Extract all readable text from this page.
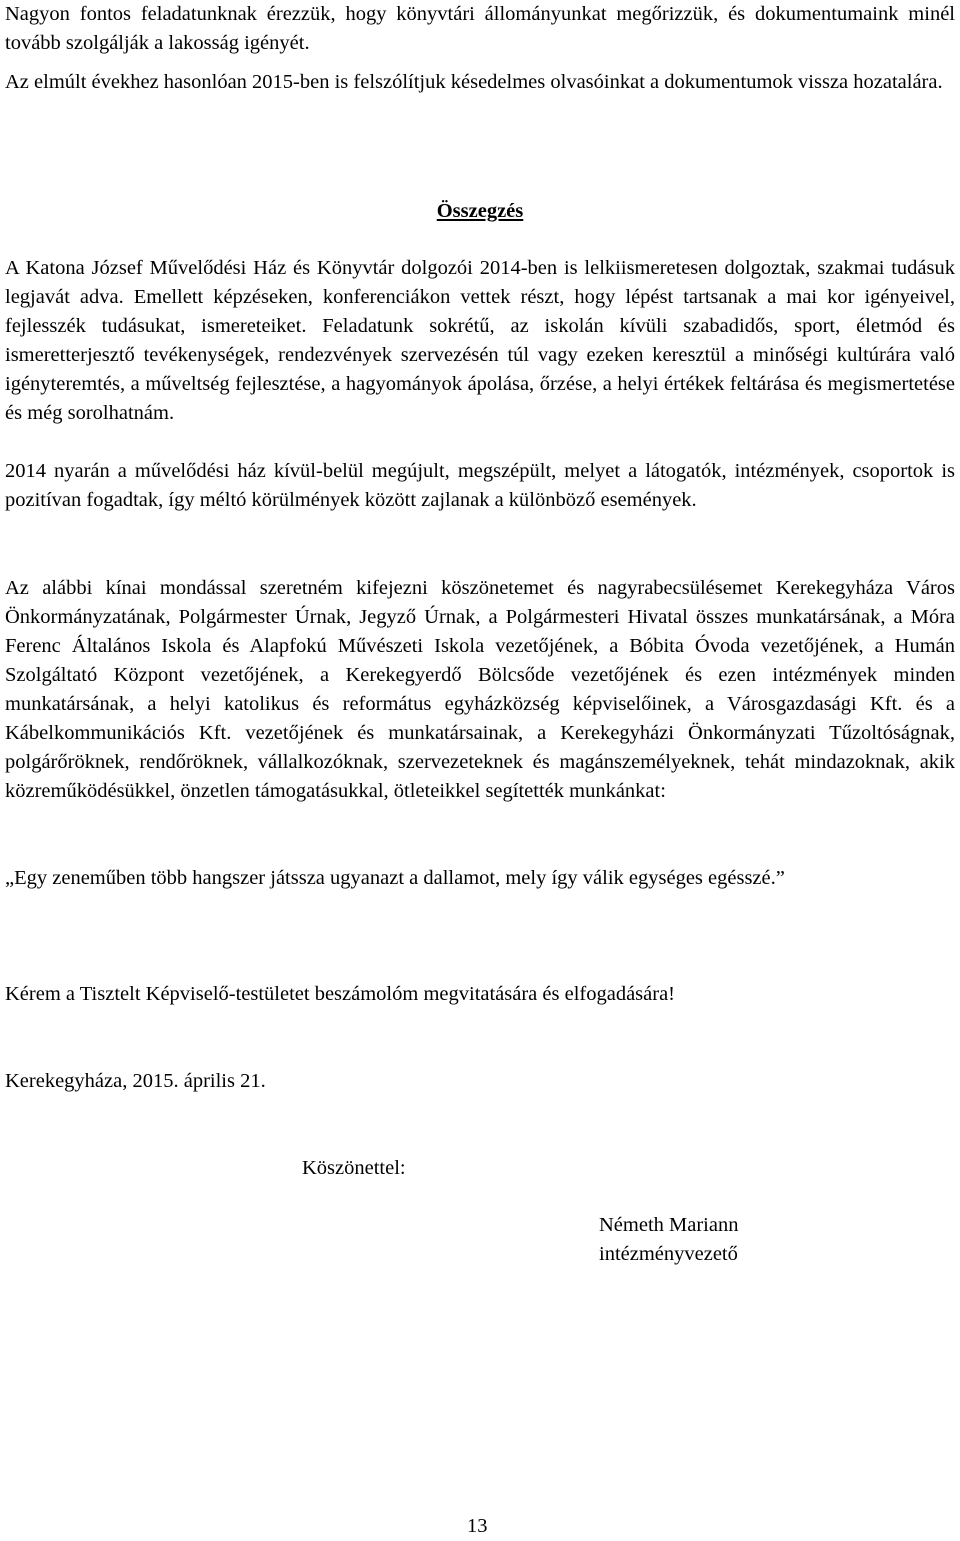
Nagyon fontos feladatunknak érezzük, hogy könyvtári állományunkat megőrizzük, és dokumentumaink minél tovább szolgálják a lakosság igényét.

Az elmúlt évekhez hasonlóan 2015-ben is felszólítjuk késedelmes olvasóinkat a dokumentumok vissza hozatalára.

Összegzés

A Katona József Művelődési Ház és Könyvtár dolgozói 2014-ben is lelkiismeretesen dolgoztak, szakmai tudásuk legjavát adva. Emellett képzéseken, konferenciákon vettek részt, hogy lépést tartsanak a mai kor igényeivel, fejlesszék tudásukat, ismereteiket. Feladatunk sokrétű, az iskolán kívüli szabadidős, sport, életmód és ismeretterjesztő tevékenységek, rendezvények szervezésén túl vagy ezeken keresztül a minőségi kultúrára való igényteremtés, a műveltség fejlesztése, a hagyományok ápolása, őrzése, a helyi értékek feltárása és megismertetése és még sorolhatnám.

2014 nyarán a művelődési ház kívül-belül megújult, megszépült, melyet a látogatók, intézmények, csoportok is pozitívan fogadtak, így méltó körülmények között zajlanak a különböző események.

Az alábbi kínai mondással szeretném kifejezni köszönetemet és nagyrabecsülésemet Kerekegyháza Város Önkormányzatának, Polgármester Úrnak, Jegyző Úrnak, a Polgármesteri Hivatal összes munkatársának, a Móra Ferenc Általános Iskola és Alapfokú Művészeti Iskola vezetőjének, a Bóbita Óvoda vezetőjének, a Humán Szolgáltató Központ vezetőjének, a Kerekegyerdő Bölcsőde vezetőjének és ezen intézmények minden munkatársának, a helyi katolikus és református egyházközség képviselőinek, a Városgazdasági Kft. és a Kábelkommunikációs Kft. vezetőjének és munkatársainak, a Kerekegyházi Önkormányzati Tűzoltóságnak, polgárőröknek, rendőröknek, vállalkozóknak, szervezeteknek és magánszemélyeknek, tehát mindazoknak, akik közreműködésükkel, önzetlen támogatásukkal, ötleteikkel segítették munkánkat:

„Egy zeneműben több hangszer játssza ugyanazt a dallamot, mely így válik egységes egésszé.”

Kérem a Tisztelt Képviselő-testületet beszámolóm megvitatására és elfogadására!

Kerekegyháza, 2015. április 21.

Köszönettel:

Németh Mariann

intézményvezető

13
